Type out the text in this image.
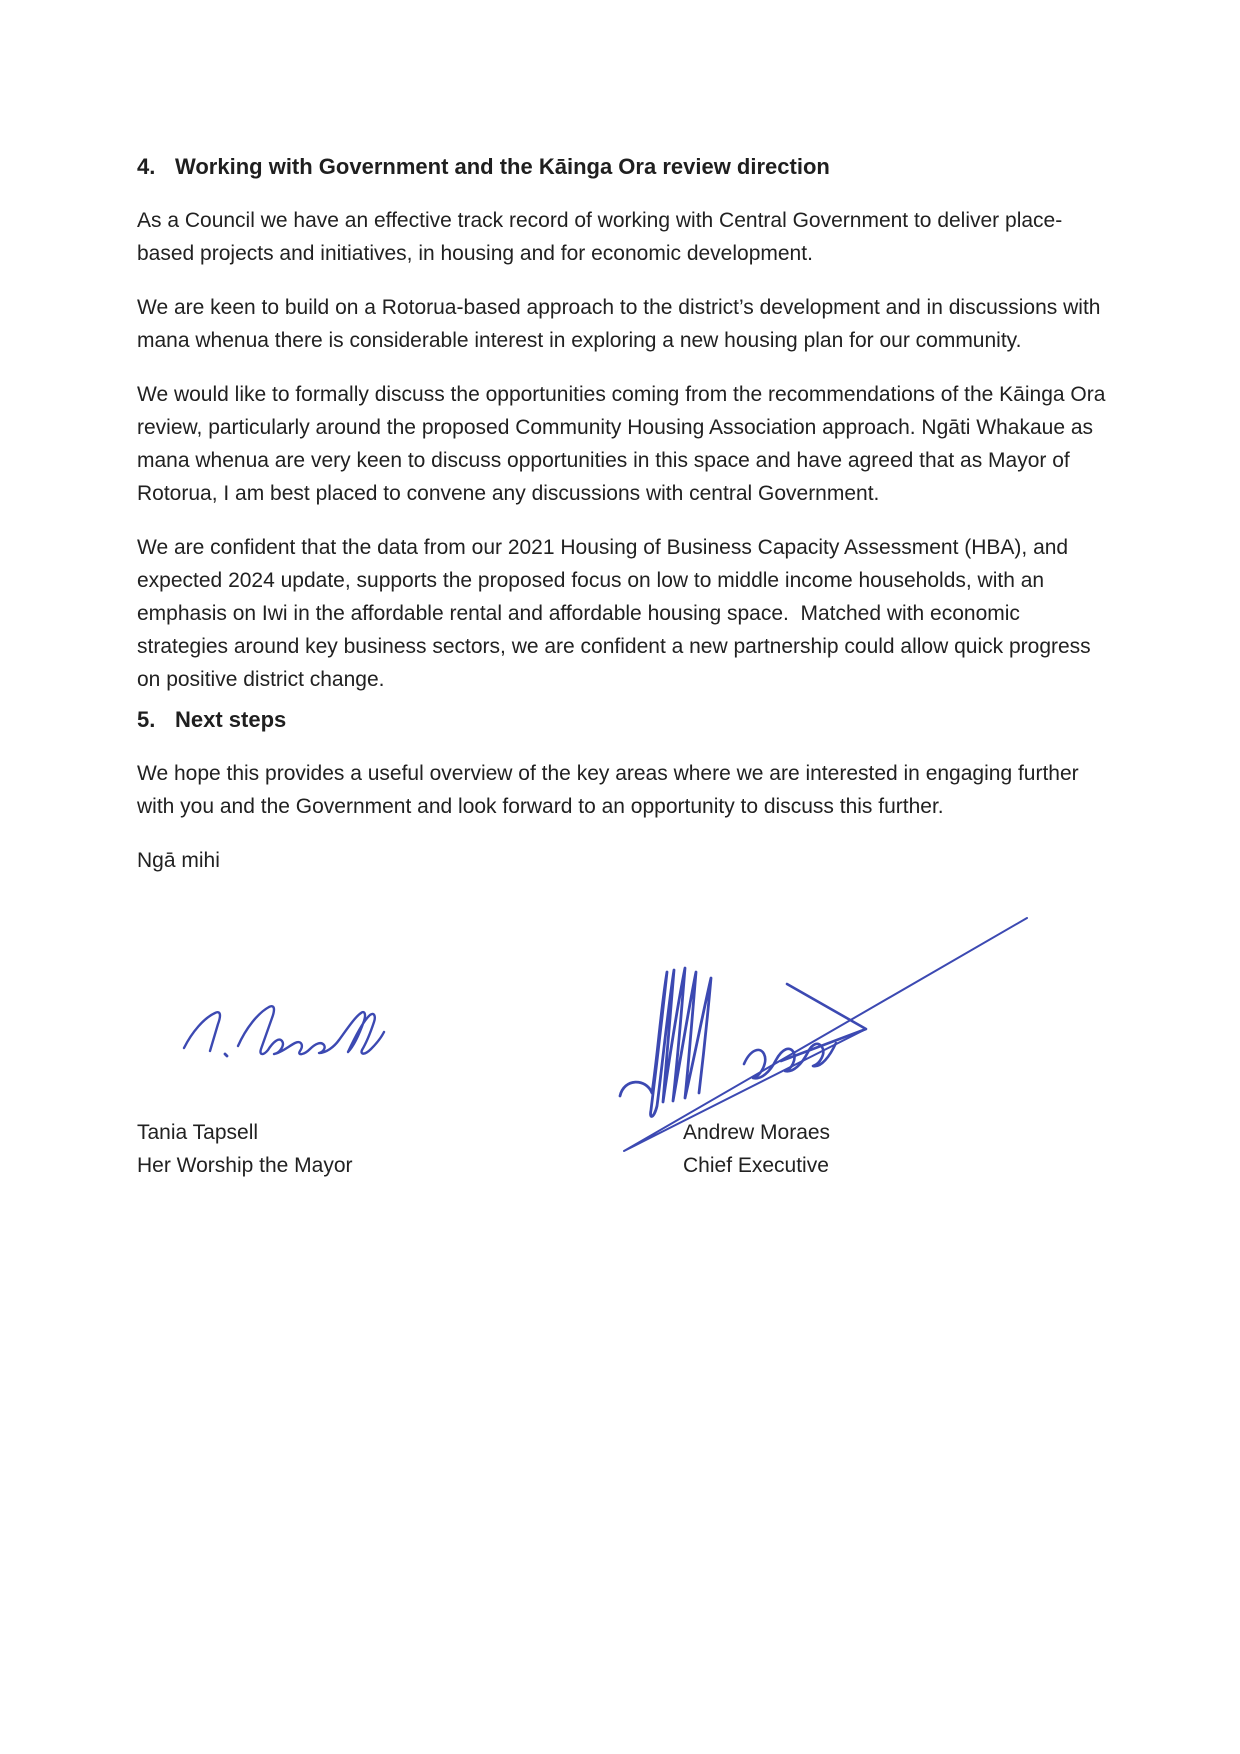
4. Working with Government and the Kāinga Ora review direction

As a Council we have an effective track record of working with Central Government to deliver place-based projects and initiatives, in housing and for economic development.

We are keen to build on a Rotorua-based approach to the district’s development and in discussions with mana whenua there is considerable interest in exploring a new housing plan for our community.

We would like to formally discuss the opportunities coming from the recommendations of the Kāinga Ora review, particularly around the proposed Community Housing Association approach. Ngāti Whakaue as mana whenua are very keen to discuss opportunities in this space and have agreed that as Mayor of Rotorua, I am best placed to convene any discussions with central Government.

We are confident that the data from our 2021 Housing of Business Capacity Assessment (HBA), and expected 2024 update, supports the proposed focus on low to middle income households, with an emphasis on Iwi in the affordable rental and affordable housing space.  Matched with economic strategies around key business sectors, we are confident a new partnership could allow quick progress on positive district change.

5. Next steps

We hope this provides a useful overview of the key areas where we are interested in engaging further with you and the Government and look forward to an opportunity to discuss this further.

Ngā mihi

Tania Tapsell
Her Worship the Mayor
Andrew Moraes
Chief Executive
